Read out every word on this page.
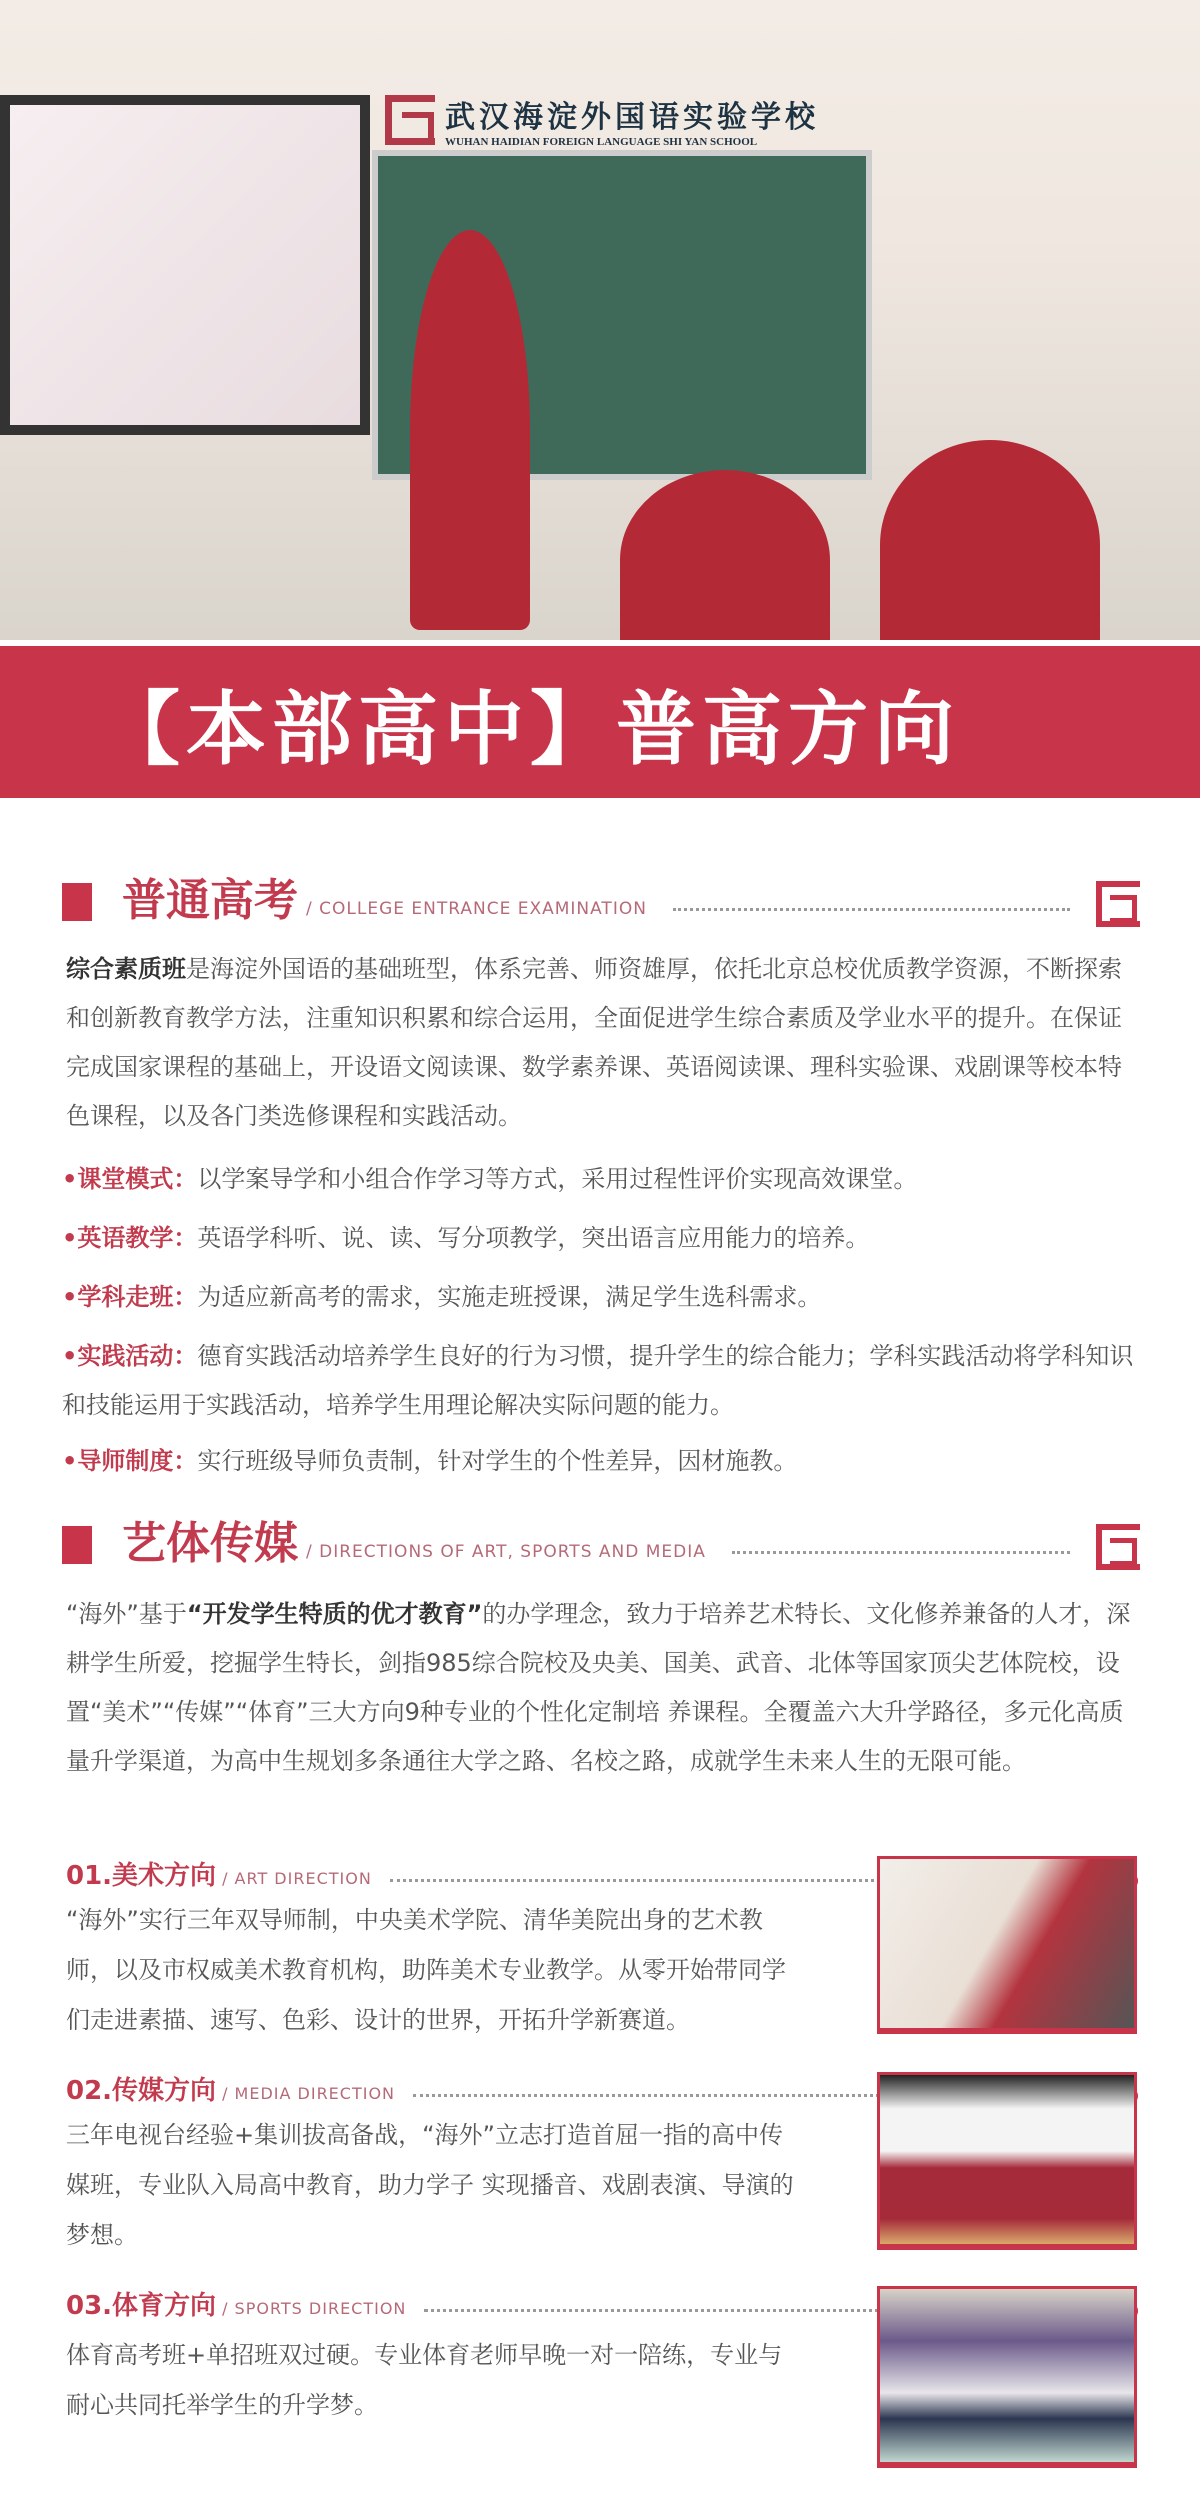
武汉海淀外国语实验学校
WUHAN HAIDIAN FOREIGN LANGUAGE SHI YAN SCHOOL
【本部高中】普高方向
普通高考 / COLLEGE ENTRANCE EXAMINATION
综合素质班是海淀外国语的基础班型，体系完善、师资雄厚，依托北京总校优质教学资源，不断探索和创新教育教学方法，注重知识积累和综合运用，全面促进学生综合素质及学业水平的提升。在保证完成国家课程的基础上，开设语文阅读课、数学素养课、英语阅读课、理科实验课、戏剧课等校本特色课程，以及各门类选修课程和实践活动。
•课堂模式：以学案导学和小组合作学习等方式，采用过程性评价实现高效课堂。
•英语教学：英语学科听、说、读、写分项教学，突出语言应用能力的培养。
•学科走班：为适应新高考的需求，实施走班授课，满足学生选科需求。
•实践活动：德育实践活动培养学生良好的行为习惯，提升学生的综合能力；学科实践活动将学科知识和技能运用于实践活动，培养学生用理论解决实际问题的能力。
•导师制度：实行班级导师负责制，针对学生的个性差异，因材施教。
艺体传媒 / DIRECTIONS OF ART, SPORTS AND MEDIA
“海外”基于“开发学生特质的优才教育”的办学理念，致力于培养艺术特长、文化修养兼备的人才，深耕学生所爱，挖掘学生特长，剑指985综合院校及央美、国美、武音、北体等国家顶尖艺体院校，设置“美术”“传媒”“体育”三大方向9种专业的个性化定制培 养课程。全覆盖六大升学路径，多元化高质量升学渠道，为高中生规划多条通往大学之路、名校之路，成就学生未来人生的无限可能。
01.美术方向 / ART DIRECTION
“海外”实行三年双导师制，中央美术学院、清华美院出身的艺术教师，以及市权威美术教育机构，助阵美术专业教学。从零开始带同学们走进素描、速写、色彩、设计的世界，开拓升学新赛道。
02.传媒方向 / MEDIA DIRECTION
三年电视台经验+集训拔高备战，“海外”立志打造首屈一指的高中传媒班，专业队入局高中教育，助力学子 实现播音、戏剧表演、导演的梦想。
03.体育方向 / SPORTS DIRECTION
体育高考班+单招班双过硬。专业体育老师早晚一对一陪练，专业与耐心共同托举学生的升学梦。
